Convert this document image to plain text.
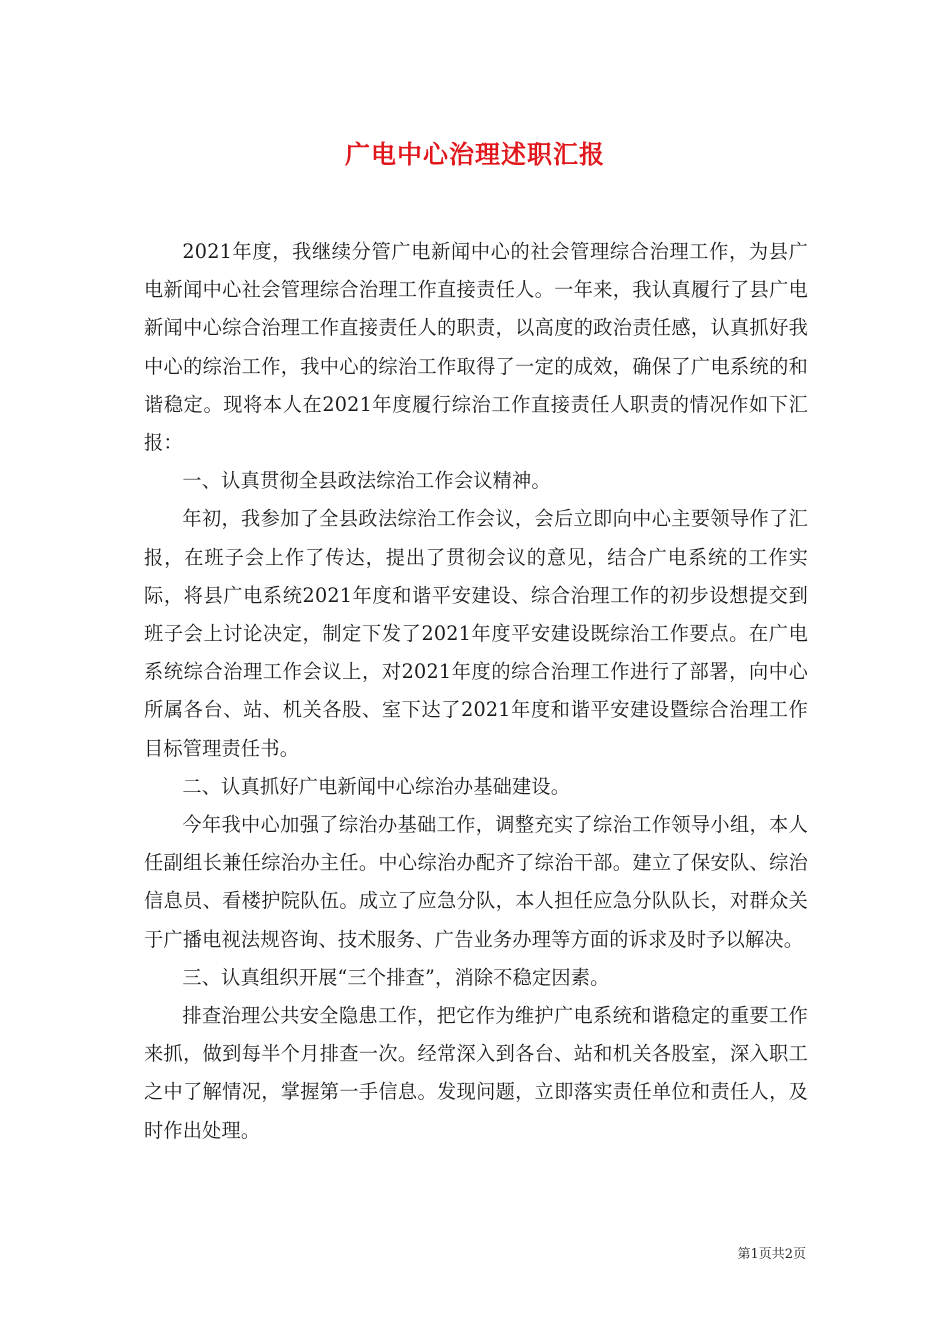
广电中心治理述职汇报

2021年度，我继续分管广电新闻中心的社会管理综合治理工作，为县广电新闻中心社会管理综合治理工作直接责任人。一年来，我认真履行了县广电新闻中心综合治理工作直接责任人的职责，以高度的政治责任感，认真抓好我中心的综治工作，我中心的综治工作取得了一定的成效，确保了广电系统的和谐稳定。现将本人在2021年度履行综治工作直接责任人职责的情况作如下汇报：

一、认真贯彻全县政法综治工作会议精神。

年初，我参加了全县政法综治工作会议，会后立即向中心主要领导作了汇报，在班子会上作了传达，提出了贯彻会议的意见，结合广电系统的工作实际，将县广电系统2021年度和谐平安建设、综合治理工作的初步设想提交到班子会上讨论决定，制定下发了2021年度平安建设既综治工作要点。在广电系统综合治理工作会议上，对2021年度的综合治理工作进行了部署，向中心所属各台、站、机关各股、室下达了2021年度和谐平安建设暨综合治理工作目标管理责任书。

二、认真抓好广电新闻中心综治办基础建设。

今年我中心加强了综治办基础工作，调整充实了综治工作领导小组，本人任副组长兼任综治办主任。中心综治办配齐了综治干部。建立了保安队、综治信息员、看楼护院队伍。成立了应急分队，本人担任应急分队队长，对群众关于广播电视法规咨询、技术服务、广告业务办理等方面的诉求及时予以解决。

三、认真组织开展“三个排查”，消除不稳定因素。

排查治理公共安全隐患工作，把它作为维护广电系统和谐稳定的重要工作来抓，做到每半个月排查一次。经常深入到各台、站和机关各股室，深入职工之中了解情况，掌握第一手信息。发现问题，立即落实责任单位和责任人，及时作出处理。

第1页共2页
